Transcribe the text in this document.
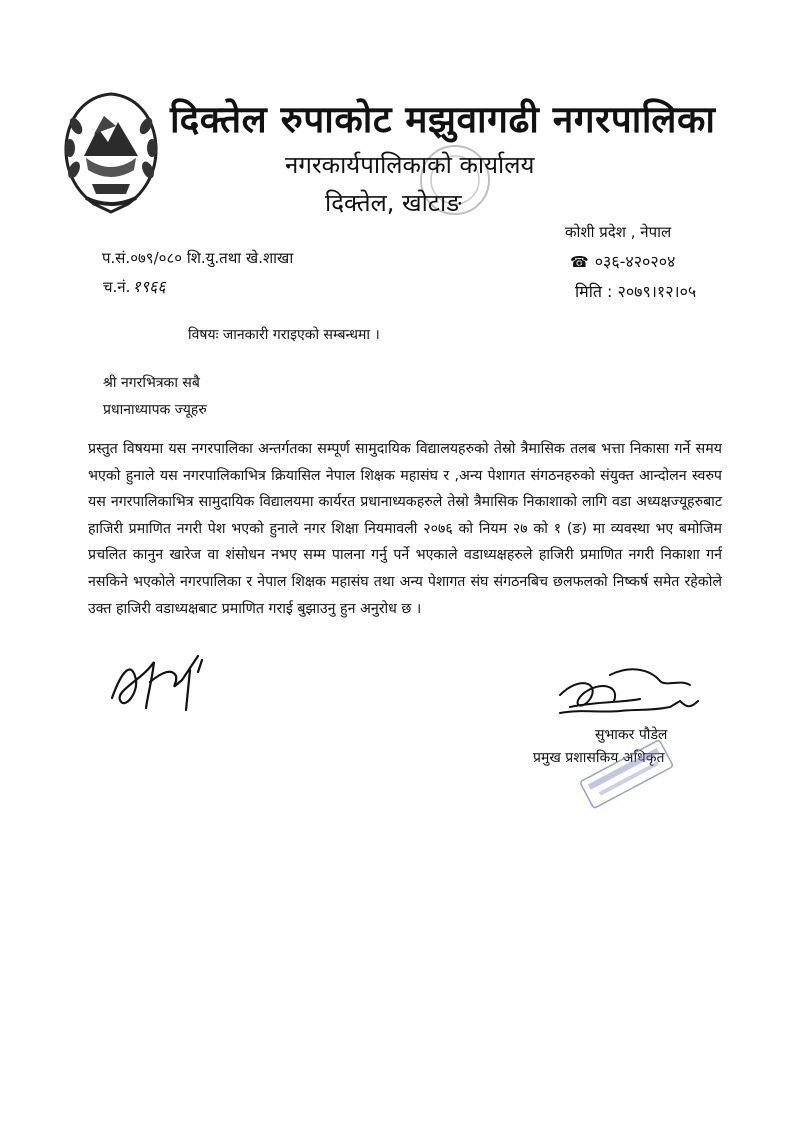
दिक्तेल रुपाकोट मझुवागढी नगरपालिका
नगरकार्यपालिकाको कार्यालय
दिक्तेल, खोटाङ
कोशी प्रदेश , नेपाल
☎ ०३६-४२०२०४
मिति : २०७९।१२।०५
प.सं.०७९/०८० शि.यु.तथा खे.शाखा
च.नं. १९६६
विषयः जानकारी गराइएको सम्बन्धमा ।
श्री नगरभित्रका सबै
प्रधानाध्यापक ज्यूहरु
प्रस्तुत विषयमा यस नगरपालिका अन्तर्गतका सम्पूर्ण सामुदायिक विद्यालयहरुको तेस्रो त्रैमासिक तलब भत्ता निकासा गर्ने समय भएको हुनाले यस नगरपालिकाभित्र क्रियासिल नेपाल शिक्षक महासंघ र ,अन्य पेशागत संगठनहरुको संयुक्त आन्दोलन स्वरुप यस नगरपालिकाभित्र सामुदायिक विद्यालयमा कार्यरत प्रधानाध्यकहरुले तेस्रो त्रैमासिक निकाशाको लागि वडा अध्यक्षज्यूहरुबाट हाजिरी प्रमाणित नगरी पेश भएको हुनाले नगर शिक्षा नियमावली २०७६ को नियम २७ को १ (ङ) मा व्यवस्था भए बमोजिम प्रचलित कानुन खारेज वा शंसोधन नभए सम्म पालना गर्नु पर्ने भएकाले वडाध्यक्षहरुले हाजिरी प्रमाणित नगरी निकाशा गर्न नसकिने भएकोले नगरपालिका र नेपाल शिक्षक महासंघ तथा अन्य पेशागत संघ संगठनबिच छलफलको निष्कर्ष समेत रहेकोले उक्त हाजिरी वडाध्यक्षबाट प्रमाणित गराई बुझाउनु हुन अनुरोध छ ।
सुभाकर पौडेल
प्रमुख प्रशासकिय अधिकृत
